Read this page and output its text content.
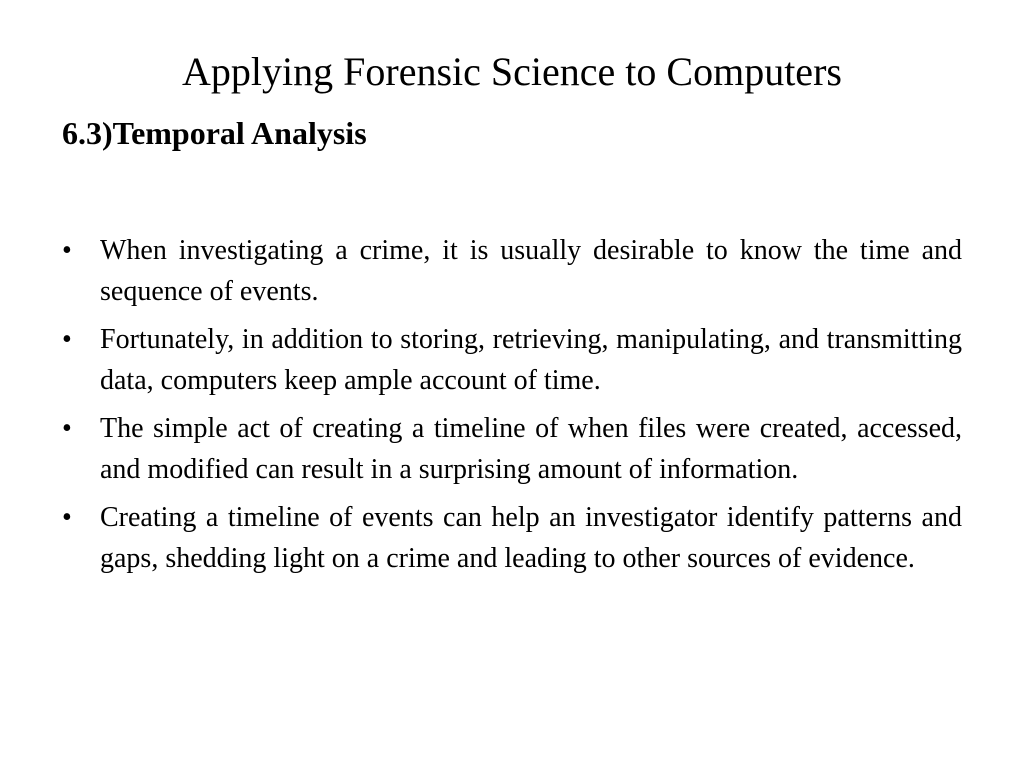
Applying Forensic Science to Computers
6.3)Temporal Analysis
• When investigating a crime, it is usually desirable to know the time and sequence of events.
• Fortunately, in addition to storing, retrieving, manipulating, and transmitting data, computers keep ample account of time.
• The simple act of creating a timeline of when files were created, accessed, and modified can result in a surprising amount of information.
• Creating a timeline of events can help an investigator identify patterns and gaps, shedding light on a crime and leading to other sources of evidence.
